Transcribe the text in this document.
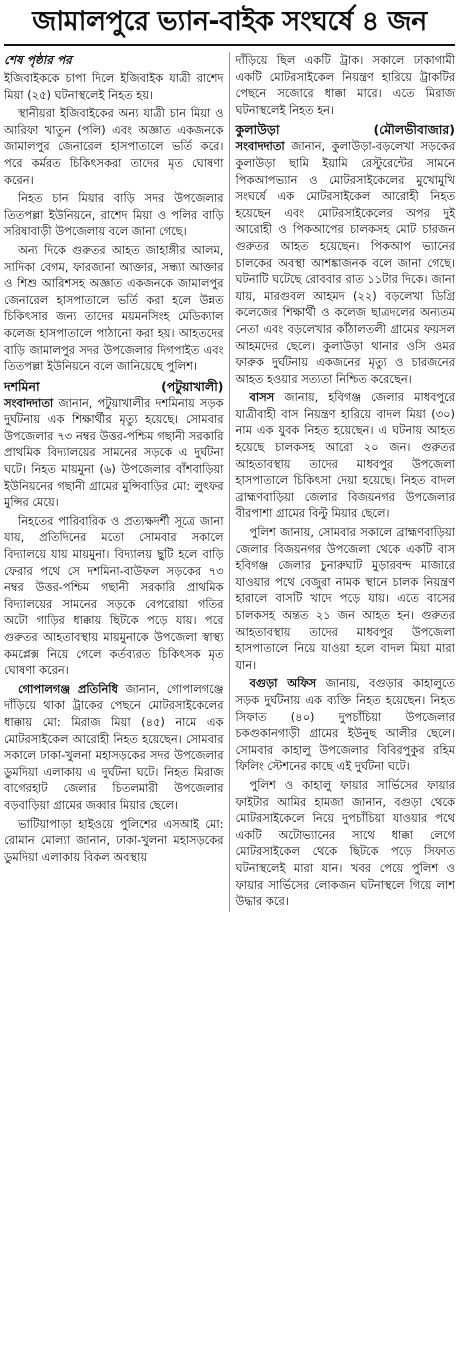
জামালপুরে ভ্যান-বাইক সংঘর্ষে ৪ জন
শেষ পৃষ্ঠার পর

ইজিবাইককে চাপা দিলে ইজিবাইক যাত্রী রাশেদ মিয়া (২৫) ঘটনাস্থলেই নিহত হয়।

স্থানীয়রা ইজিবাইকের অন্য যাত্রী চান মিয়া ও আরিফা খাতুন (পলি) এবং অজ্ঞাত একজনকে জামালপুর জেনারেল হাসপাতালে ভর্তি করে। পরে কর্মরত চিকিৎসকরা তাদের মৃত ঘোষণা করেন।

নিহত চান মিয়ার বাড়ি সদর উপজেলার তিতপল্লা ইউনিয়নে, রাশেদ মিয়া ও পলির বাড়ি সরিষাবাড়ী উপজেলায় বলে জানা গেছে।

অন্য দিকে গুরুতর আহত জাহাঙ্গীর আলম, সাদিকা বেগম, ফারজানা আক্তার, সন্ধ্যা আক্তার ও শিশু আরিশসহ অজ্ঞাত একজনকে জামালপুর জেনারেল হাসপাতালে ভর্তি করা হলে উন্নত চিকিৎসার জন্য তাদের ময়মনসিংহ মেডিক্যাল কলেজ হাসপাতালে পাঠানো করা হয়। আহতদের বাড়ি জামালপুর সদর উপজেলার দিগপাইত এবং তিতপল্লা ইউনিয়নে বলে জানিয়েছে পুলিশ।

দশমিনা	(পটুয়াখালী)

সংবাদদাতা জানান, পটুয়াখালীর দশমিনায় সড়ক দুর্ঘটনায় এক শিক্ষার্থীর মৃত্যু হয়েছে। সোমবার উপজেলার ৭৩ নম্বর উত্তর-পশ্চিম গছানী সরকারি প্রাথমিক বিদ্যালয়ের সামনের সড়কে এ দুর্ঘটনা ঘটে। নিহত মায়মুনা (৬) উপজেলার বাঁশবাড়িয়া ইউনিয়নের গছানী গ্রামের মুন্সিবাড়ির মো: লুৎফর মুন্সির মেয়ে।

নিহতের পারিবারিক ও প্রত্যক্ষদর্শী সূত্রে জানা যায়, প্রতিদিনের মতো সোমবার সকালে বিদ্যালয়ে যায় মায়মুনা। বিদ্যালয় ছুটি হলে বাড়ি ফেরার পথে সে দশমিনা-বাউফল সড়কের ৭৩ নম্বর উত্তর-পশ্চিম গছানী সরকারি প্রাথমিক বিদ্যালয়ের সামনের সড়কে বেপরোয়া গতির অটো গাড়ির ধাক্কায় ছিটকে পড়ে যায়। পরে গুরুতর আহতাবস্থায় মায়মুনাকে উপজেলা স্বাস্থ্য কমপ্লেক্স নিয়ে গেলে কর্তব্যরত চিকিৎসক মৃত ঘোষণা করেন।

গোপালগঞ্জ প্রতিনিধি জানান, গোপালগঞ্জে দাঁড়িয়ে থাকা ট্রাকের পেছনে মোটরসাইকেলের ধাক্কায় মো: মিরাজ মিয়া (৪৫) নামে এক মোটরসাইকেল আরোহী নিহত হয়েছেন। সোমবার সকালে ঢাকা-খুলনা মহাসড়কের সদর উপজেলার ডুমদিয়া এলাকায় এ দুর্ঘটনা ঘটে। নিহত মিরাজ বাগেরহাট জেলার চিতলমারী উপজেলার বড়বাড়িয়া গ্রামের জব্বার মিয়ার ছেলে।

ভাটিয়াপাড়া হাইওয়ে পুলিশের এসআই মো: রোমান মোল্যা জানান, ঢাকা-খুলনা মহাসড়কের ডুমদিয়া এলাকায় বিকল অবস্থায়

দাঁড়িয়ে ছিল একটি ট্রাক। সকালে ঢাকাগামী একটি মোটরসাইকেল নিয়ন্ত্রণ হারিয়ে ট্রাকটির পেছনে সজোরে ধাক্কা মারে। এতে মিরাজ ঘটনাস্থলেই নিহত হন।

কুলাউড়া	(মৌলভীবাজার)

সংবাদদাতা জানান, কুলাউড়া-বড়লেখা সড়কের কুলাউড়া ছামি ইয়ামি রেস্টুরেন্টের সামনে পিকআপভ্যান ও মোটরসাইকেলের মুখোমুখি সংঘর্ষে এক মোটরসাইকেল আরোহী নিহত হয়েছেন এবং মোটরসাইকেলের অপর দুই আরোহী ও পিকআপের চালকসহ মোট চারজন গুরুতর আহত হয়েছেন। পিকআপ ভ্যানের চালকের অবস্থা আশঙ্কাজনক বলে জানা গেছে। ঘটনাটি ঘটেছে রোববার রাত ১১টার দিকে। জানা যায়, মারগুবল আহমদ (২২) বড়লেখা ডিগ্রি কলেজের শিক্ষার্থী ও কলেজ ছাত্রদলের অন্যতম নেতা এবং বড়লেখার কাঁঠালতলী গ্রামের ফয়সল আহমদের ছেলে। কুলাউড়া থানার ওসি ওমর ফারুক দুর্ঘটনায় একজনের মৃত্যু ও চারজনের আহত হওয়ার সত্যতা নিশ্চিত করেছেন।

বাসস জানায়, হবিগঞ্জ জেলার মাধবপুরে যাত্রীবাহী বাস নিয়ন্ত্রণ হারিয়ে বাদল মিয়া (৩০) নাম এক যুবক নিহত হয়েছেন। এ ঘটনায় আহত হয়েছে চালকসহ আরো ২০ জন। গুরুতর আহতাবস্থায় তাদের মাধবপুর উপজেলা হাসপাতালে চিকিৎসা দেয়া হয়েছে। নিহত বাদল ব্রাহ্মণবাড়িয়া জেলার বিজয়নগর উপজেলার বীরপাশা গ্রামের বিল্টু মিয়ার ছেলে।

পুলিশ জানায়, সোমবার সকালে ব্রাহ্মণবাড়িয়া জেলার বিজয়নগর উপজেলা থেকে একটি বাস হবিগঞ্জ জেলার চুনারুঘাট মুড়ারবন্দ মাজারে যাওয়ার পথে বেজুরা নামক স্থানে চালক নিয়ন্ত্রণ হারালে বাসটি খাদে পড়ে যায়। এতে বাসের চালকসহ অন্তত ২১ জন আহত হন। গুরুতর আহতাবস্থায় তাদের মাধবপুর উপজেলা হাসপাতালে নিয়ে যাওয়া হলে বাদল মিয়া মারা যান।

বগুড়া অফিস জানায়, বগুড়ার কাহালুতে সড়ক দুর্ঘটনায় এক ব্যক্তি নিহত হয়েছেন। নিহত সিফাত (৪০) দুপচাঁচিয়া উপজেলার চকগুকানগাড়ী গ্রামের ইউনুছ আলীর ছেলে। সোমবার কাহালু উপজেলার বিবিরপুকুর রহিম ফিলিং স্টেশনের কাছে এই দুর্ঘটনা ঘটে।

পুলিশ ও কাহালু ফায়ার সার্ভিসের ফায়ার ফাইটার আমির হামজা জানান, বগুড়া থেকে মোটরসাইকেলে নিয়ে দুপচাঁচিয়া যাওয়ার পথে একটি অটোভ্যানের সাথে ধাক্কা লেগে মোটরসাইকেল থেকে ছিটকে পড়ে সিফাত ঘটনাস্থলেই মারা যান। খবর পেয়ে পুলিশ ও ফায়ার সার্ভিসের লোকজন ঘটনাস্থলে গিয়ে লাশ উদ্ধার করে।
